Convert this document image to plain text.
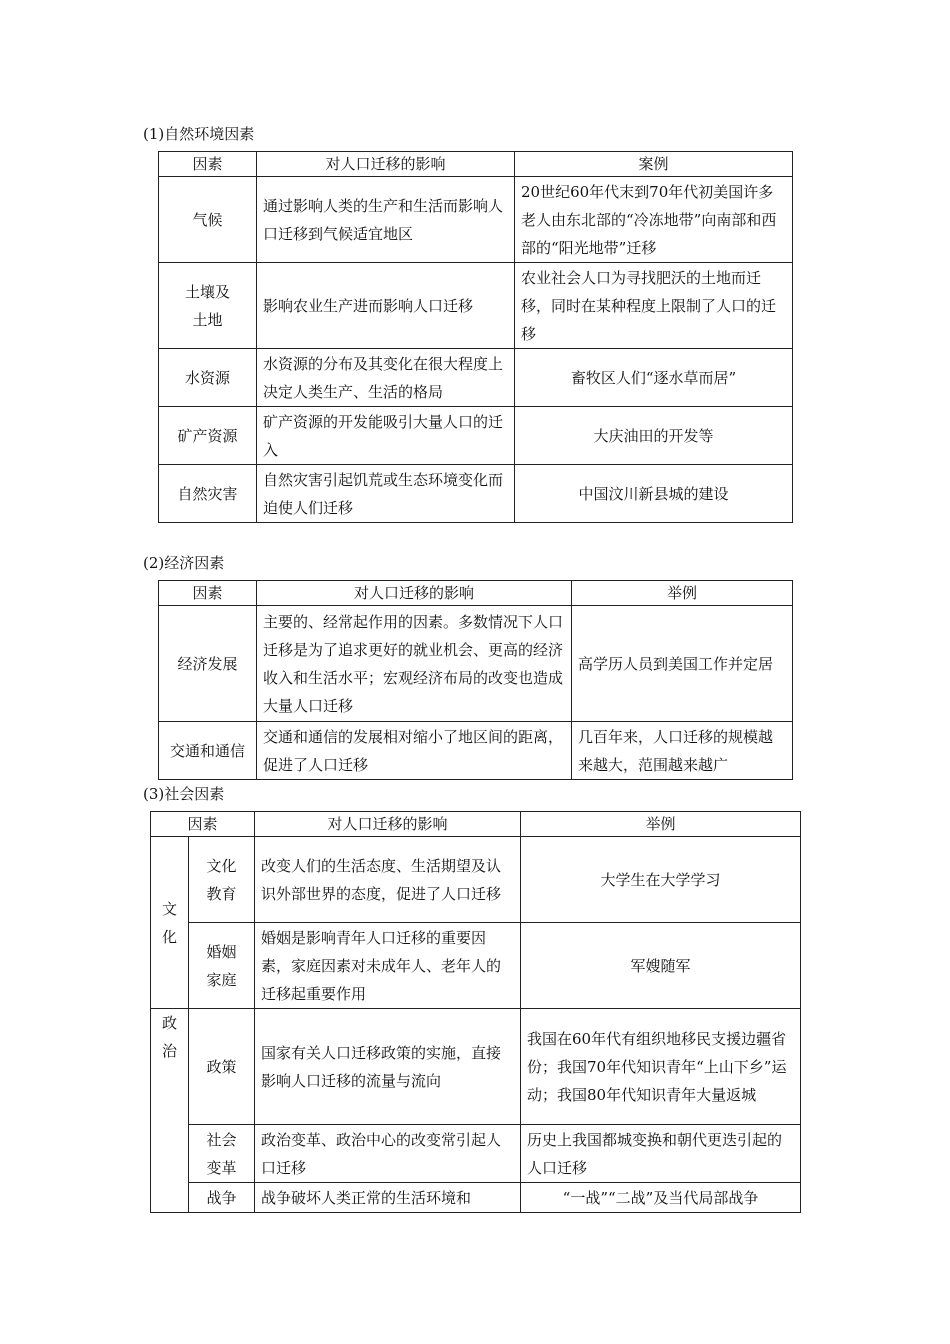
(1)自然环境因素
因素	对人口迁移的影响	案例
气候	通过影响人类的生产和生活而影响人口迁移到气候适宜地区	20世纪60年代末到70年代初美国许多老人由东北部的“冷冻地带”向南部和西部的“阳光地带”迁移

土壤及土地	影响农业生产进而影响人口迁移	农业社会人口为寻找肥沃的土地而迁移，同时在某种程度上限制了人口的迁移
水资源	水资源的分布及其变化在很大程度上决定人类生产、生活的格局	畜牧区人们“逐水草而居”
矿产资源	矿产资源的开发能吸引大量人口的迁入	大庆油田的开发等
自然灾害	自然灾害引起饥荒或生态环境变化而迫使人们迁移	中国汶川新县城的建设
(2)经济因素
因素	对人口迁移的影响	举例
经济发展	主要的、经常起作用的因素。多数情况下人口迁移是为了追求更好的就业机会、更高的经济收入和生活水平；宏观经济布局的改变也造成大量人口迁移	高学历人员到美国工作并定居
交通和通信	交通和通信的发展相对缩小了地区间的距离，促进了人口迁移	几百年来，人口迁移的规模越来越大，范围越来越广
(3)社会因素
因素		对人口迁移的影响	举例

文化	文化教育	改变人们的生活态度、生活期望及认识外部世界的态度，促进了人口迁移	大学生在大学学习

	婚姻家庭	婚姻是影响青年人口迁移的重要因素，家庭因素对未成年人、老年人的迁移起重要作用	军嫂随军

政治	政策	国家有关人口迁移政策的实施，直接影响人口迁移的流量与流向	我国在60年代有组织地移民支援边疆省份；我国70年代知识青年“上山下乡”运动；我国80年代知识青年大量返城

	社会变革	政治变革、政治中心的改变常引起人口迁移	历史上我国都城变换和朝代更迭引起的人口迁移
	战争	战争破坏人类正常的生活环境和	“一战”“二战”及当代局部战争
